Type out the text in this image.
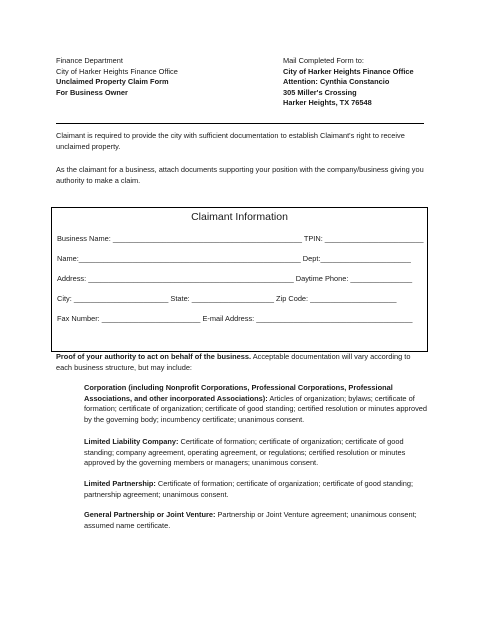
Finance Department
City of Harker Heights Finance Office
Unclaimed Property Claim Form
For Business Owner
Mail Completed Form to:
City of Harker Heights Finance Office
Attention: Cynthia Constancio
305 Miller's Crossing
Harker Heights, TX 76548
Claimant is required to provide the city with sufficient documentation to establish Claimant's right to receive unclaimed property.
As the claimant for a business, attach documents supporting your position with the company/business giving you authority to make a claim.
Claimant Information
Business Name: ______________________________________________ TPIN: ________________________
Name:______________________________________________________ Dept:______________________
Address: __________________________________________________ Daytime Phone: _______________
City: _______________________ State: ____________________ Zip Code: _____________________
Fax Number: ________________________ E-mail Address: ______________________________________
Proof of your authority to act on behalf of the business. Acceptable documentation will vary according to each business structure, but may include:
Corporation (including Nonprofit Corporations, Professional Corporations, Professional Associations, and other incorporated Associations): Articles of organization; bylaws; certificate of formation; certificate of organization; certificate of good standing; certified resolution or minutes approved by the governing body; incumbency certificate; unanimous consent.
Limited Liability Company: Certificate of formation; certificate of organization; certificate of good standing; company agreement, operating agreement, or regulations; certified resolution or minutes approved by the governing members or managers; unanimous consent.
Limited Partnership: Certificate of formation; certificate of organization; certificate of good standing; partnership agreement; unanimous consent.
General Partnership or Joint Venture: Partnership or Joint Venture agreement; unanimous consent; assumed name certificate.
